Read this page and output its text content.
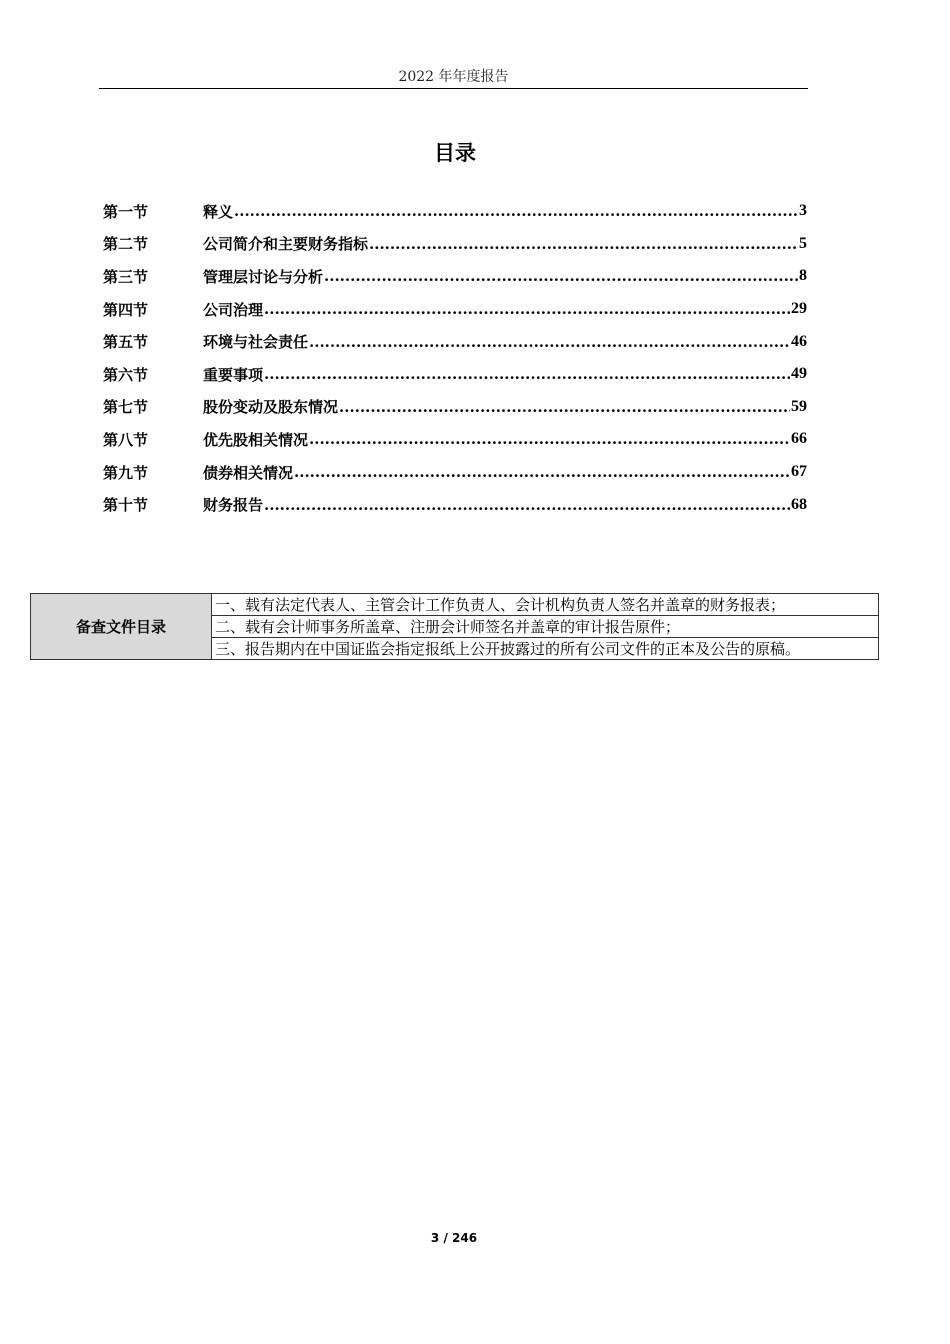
2022 年年度报告
目录
第一节	释义 .....	3
第二节	公司简介和主要财务指标 .....	5
第三节	管理层讨论与分析 .....	8
第四节	公司治理 .....	29
第五节	环境与社会责任 .....	46
第六节	重要事项 .....	49
第七节	股份变动及股东情况 .....	59
第八节	优先股相关情况 .....	66
第九节	债券相关情况 .....	67
第十节	财务报告 .....	68
备查文件目录	一、载有法定代表人、主管会计工作负责人、会计机构负责人签名并盖章的财务报表；
二、载有会计师事务所盖章、注册会计师签名并盖章的审计报告原件；
三、报告期内在中国证监会指定报纸上公开披露过的所有公司文件的正本及公告的原稿。
3 / 246
